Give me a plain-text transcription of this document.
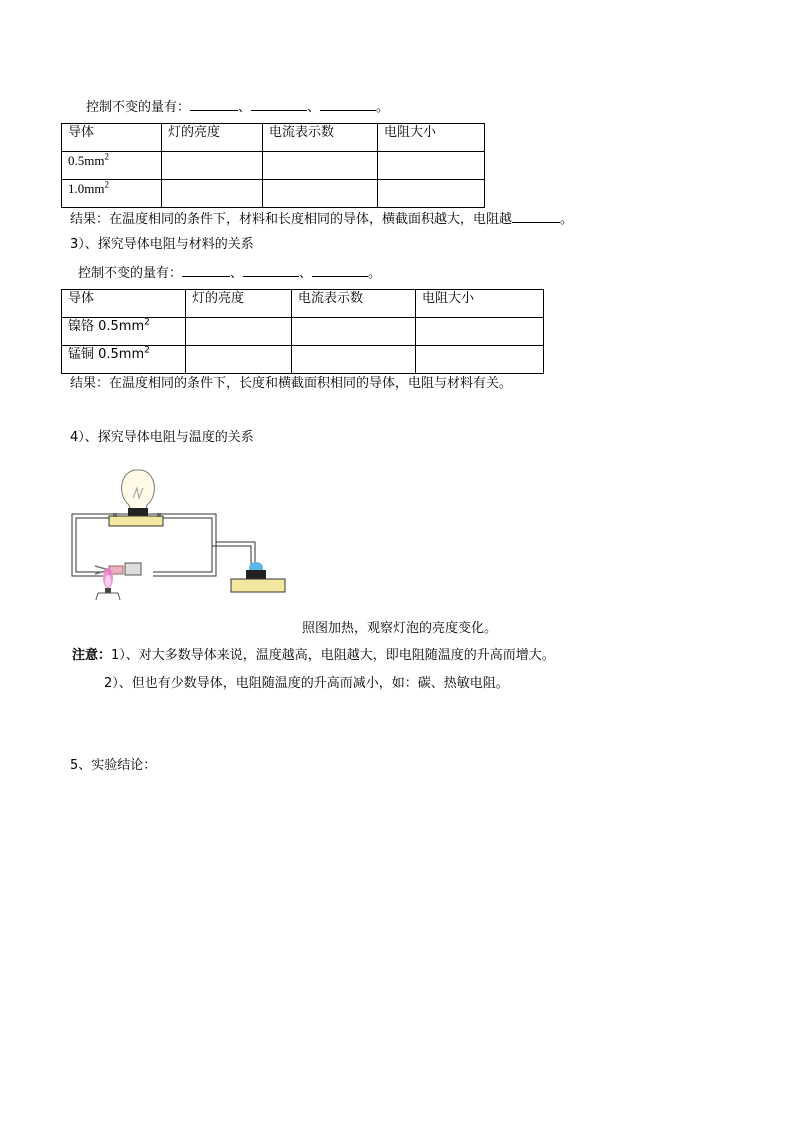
控制不变的量有：	、	、	。
导体	灯的亮度	电流表示数	电阻大小
$0.5mm^2$			
$1.0mm^2$			
结果：在温度相同的条件下，材料和长度相同的导体，横截面积越大，电阻越	。
3）、探究导体电阻与材料的关系
控制不变的量有：	、	、	。
导体	灯的亮度	电流表示数	电阻大小
镍铬 $0.5mm^2$			
锰铜 $0.5mm^2$			
结果：在温度相同的条件下，长度和横截面积相同的导体，电阻与材料有关。
4）、探究导体电阻与温度的关系
照图加热，观察灯泡的亮度变化。
注意：1）、对大多数导体来说，温度越高，电阻越大，即电阻随温度的升高而增大。
2）、但也有少数导体，电阻随温度的升高而减小，如：碳、热敏电阻。
5、实验结论：
